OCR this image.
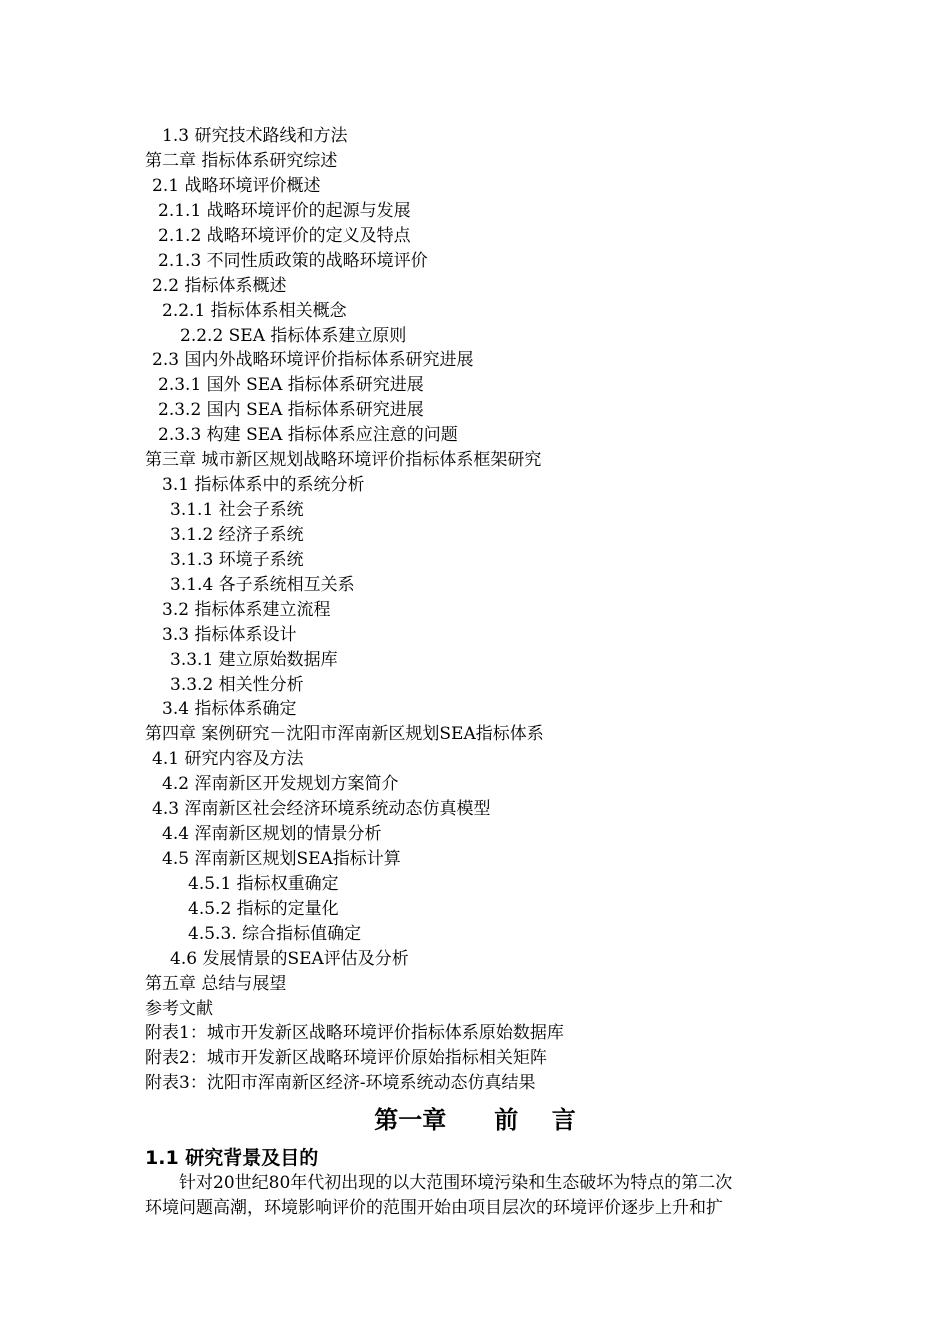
1.3 研究技术路线和方法
第二章 指标体系研究综述
2.1 战略环境评价概述
2.1.1 战略环境评价的起源与发展
2.1.2 战略环境评价的定义及特点
2.1.3 不同性质政策的战略环境评价
2.2 指标体系概述
2.2.1 指标体系相关概念
2.2.2 SEA 指标体系建立原则
2.3 国内外战略环境评价指标体系研究进展
2.3.1 国外 SEA 指标体系研究进展
2.3.2 国内 SEA 指标体系研究进展
2.3.3 构建 SEA 指标体系应注意的问题
第三章 城市新区规划战略环境评价指标体系框架研究
3.1 指标体系中的系统分析
3.1.1 社会子系统
3.1.2 经济子系统
3.1.3 环境子系统
3.1.4 各子系统相互关系
3.2 指标体系建立流程
3.3 指标体系设计
3.3.1 建立原始数据库
3.3.2 相关性分析
3.4 指标体系确定
第四章 案例研究－沈阳市浑南新区规划SEA指标体系
4.1 研究内容及方法
4.2 浑南新区开发规划方案简介
4.3 浑南新区社会经济环境系统动态仿真模型
4.4 浑南新区规划的情景分析
4.5 浑南新区规划SEA指标计算
4.5.1 指标权重确定
4.5.2 指标的定量化
4.5.3. 综合指标值确定
4.6 发展情景的SEA评估及分析
第五章 总结与展望
参考文献
附表1：城市开发新区战略环境评价指标体系原始数据库
附表2：城市开发新区战略环境评价原始指标相关矩阵
附表3：沈阳市浑南新区经济-环境系统动态仿真结果
第一章 前    言
1.1 研究背景及目的
针对20世纪80年代初出现的以大范围环境污染和生态破坏为特点的第二次
环境问题高潮，环境影响评价的范围开始由项目层次的环境评价逐步上升和扩
